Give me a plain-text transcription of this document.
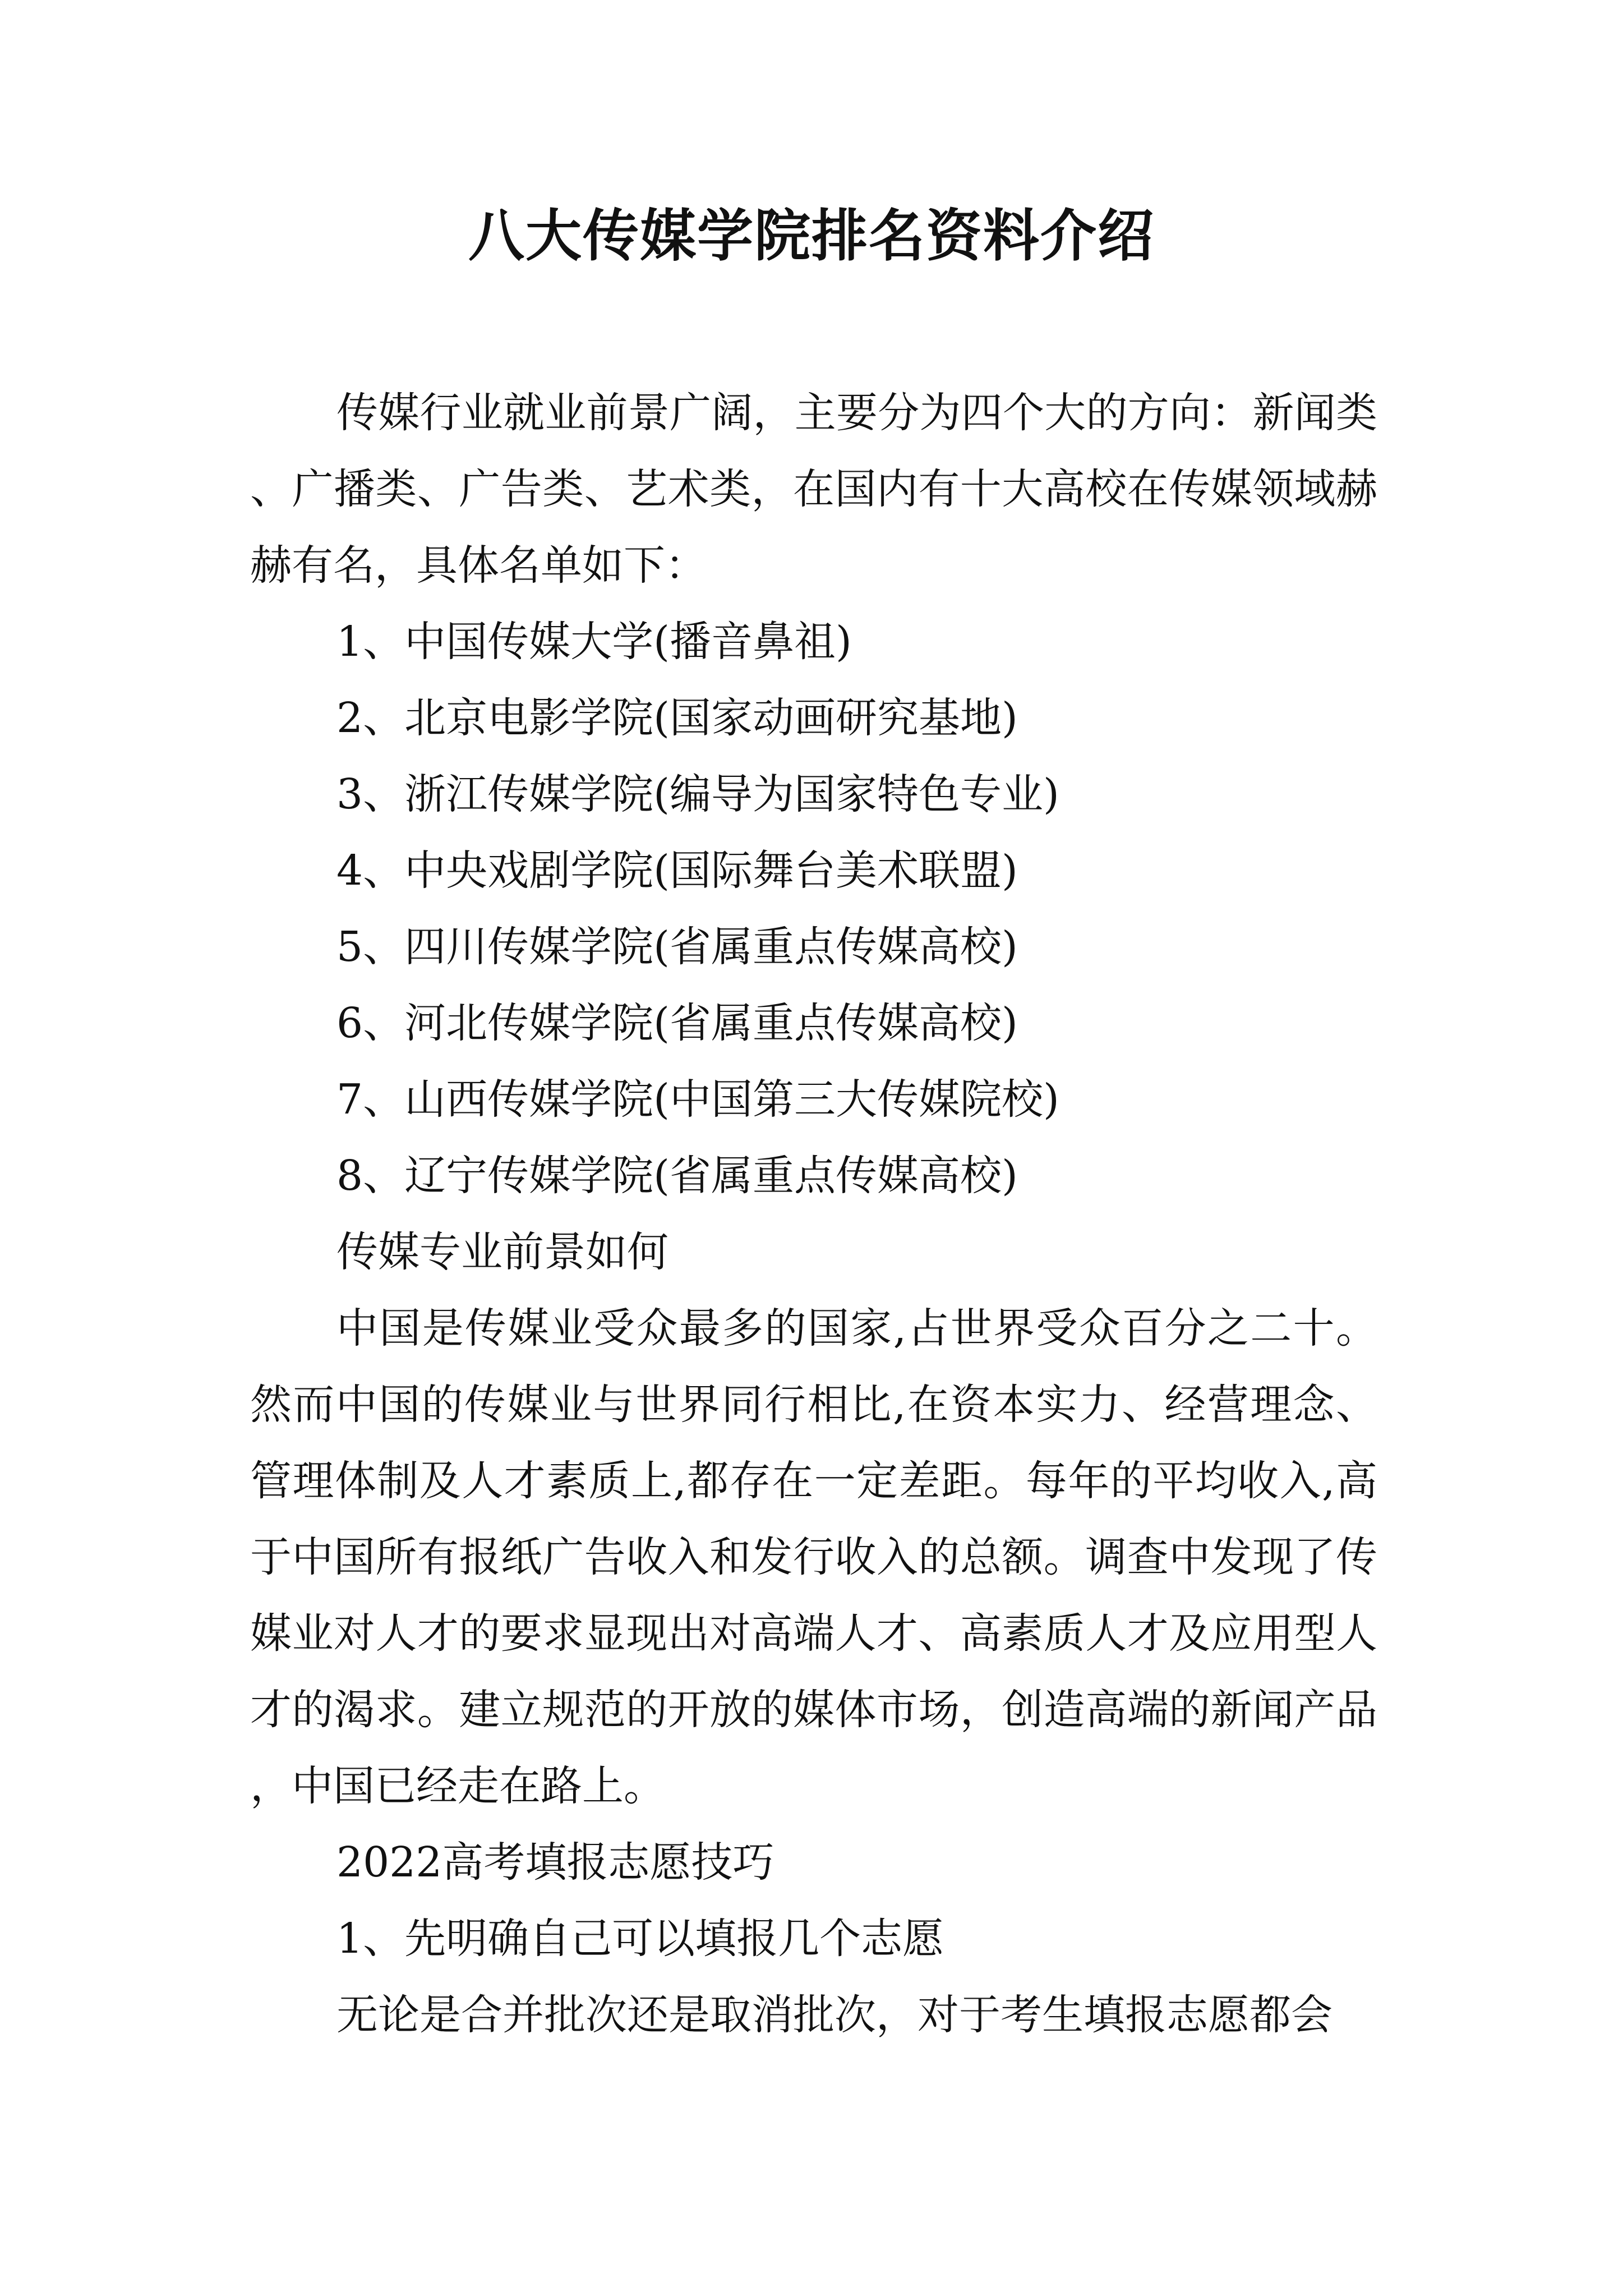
八大传媒学院排名资料介绍

传媒行业就业前景广阔，主要分为四个大的方向：新闻类、广播类、广告类、艺术类，在国内有十大高校在传媒领域赫赫有名，具体名单如下：

1、中国传媒大学(播音鼻祖)

2、北京电影学院(国家动画研究基地)

3、浙江传媒学院(编导为国家特色专业)

4、中央戏剧学院(国际舞台美术联盟)

5、四川传媒学院(省属重点传媒高校)

6、河北传媒学院(省属重点传媒高校)

7、山西传媒学院(中国第三大传媒院校)

8、辽宁传媒学院(省属重点传媒高校)

传媒专业前景如何

中国是传媒业受众最多的国家,占世界受众百分之二十。然而中国的传媒业与世界同行相比,在资本实力、经营理念、管理体制及人才素质上,都存在一定差距。每年的平均收入,高于中国所有报纸广告收入和发行收入的总额。调查中发现了传媒业对人才的要求显现出对高端人才、高素质人才及应用型人才的渴求。建立规范的开放的媒体市场，创造高端的新闻产品，中国已经走在路上。

2022高考填报志愿技巧

1、先明确自己可以填报几个志愿

无论是合并批次还是取消批次，对于考生填报志愿都会
